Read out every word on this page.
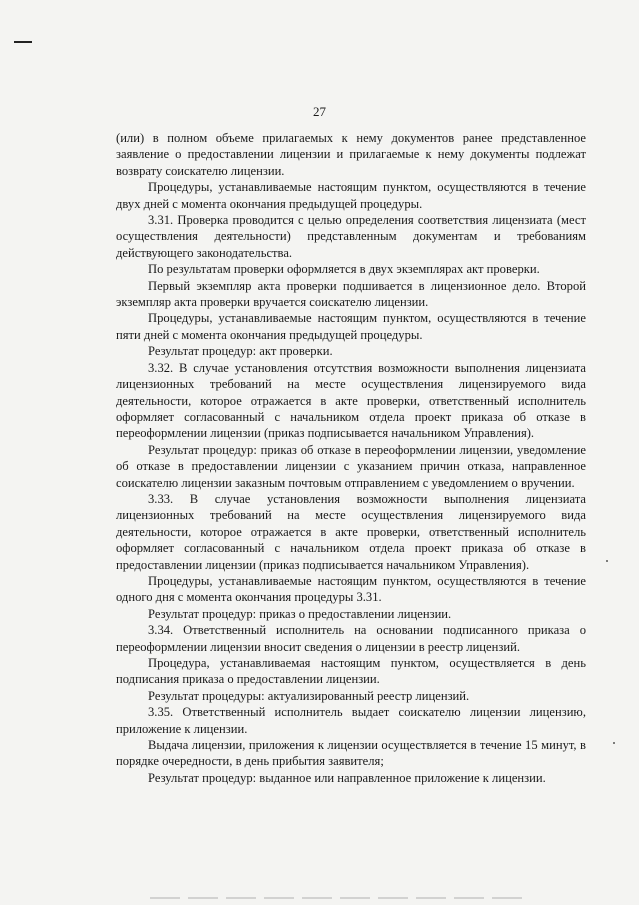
27

(или) в полном объеме прилагаемых к нему документов ранее представленное заявление о предоставлении лицензии и прилагаемые к нему документы подлежат возврату соискателю лицензии.

Процедуры, устанавливаемые настоящим пунктом, осуществляются в течение двух дней с момента окончания предыдущей процедуры.

3.31. Проверка проводится с целью определения соответствия лицензиата (мест осуществления деятельности) представленным документам и требованиям действующего законодательства.

По результатам проверки оформляется в двух экземплярах акт проверки.

Первый экземпляр акта проверки подшивается в лицензионное дело. Второй экземпляр акта проверки вручается соискателю лицензии.

Процедуры, устанавливаемые настоящим пунктом, осуществляются в течение пяти дней с момента окончания предыдущей процедуры.

Результат процедур: акт проверки.

3.32. В случае установления отсутствия возможности выполнения лицензиата лицензионных требований на месте осуществления лицензируемого вида деятельности, которое отражается в акте проверки, ответственный исполнитель оформляет согласованный с начальником отдела проект приказа об отказе в переоформлении лицензии (приказ подписывается начальником Управления).

Результат процедур: приказ об отказе в переоформлении лицензии, уведомление об отказе в предоставлении лицензии с указанием причин отказа, направленное соискателю лицензии заказным почтовым отправлением с уведомлением о вручении.

3.33. В случае установления возможности выполнения лицензиата лицензионных требований на месте осуществления лицензируемого вида деятельности, которое отражается в акте проверки, ответственный исполнитель оформляет согласованный с начальником отдела проект приказа об отказе в предоставлении лицензии (приказ подписывается начальником Управления).

Процедуры, устанавливаемые настоящим пунктом, осуществляются в течение одного дня с момента окончания процедуры 3.31.

Результат процедур: приказ о предоставлении лицензии.

3.34. Ответственный исполнитель на основании подписанного приказа о переоформлении лицензии вносит сведения о лицензии в реестр лицензий.

Процедура, устанавливаемая настоящим пунктом, осуществляется в день подписания приказа о предоставлении лицензии.

Результат процедуры: актуализированный реестр лицензий.

3.35. Ответственный исполнитель выдает соискателю лицензии лицензию, приложение к лицензии.

Выдача лицензии, приложения к лицензии осуществляется в течение 15 минут, в порядке очередности, в день прибытия заявителя;

Результат процедур: выданное или направленное приложение к лицензии.
